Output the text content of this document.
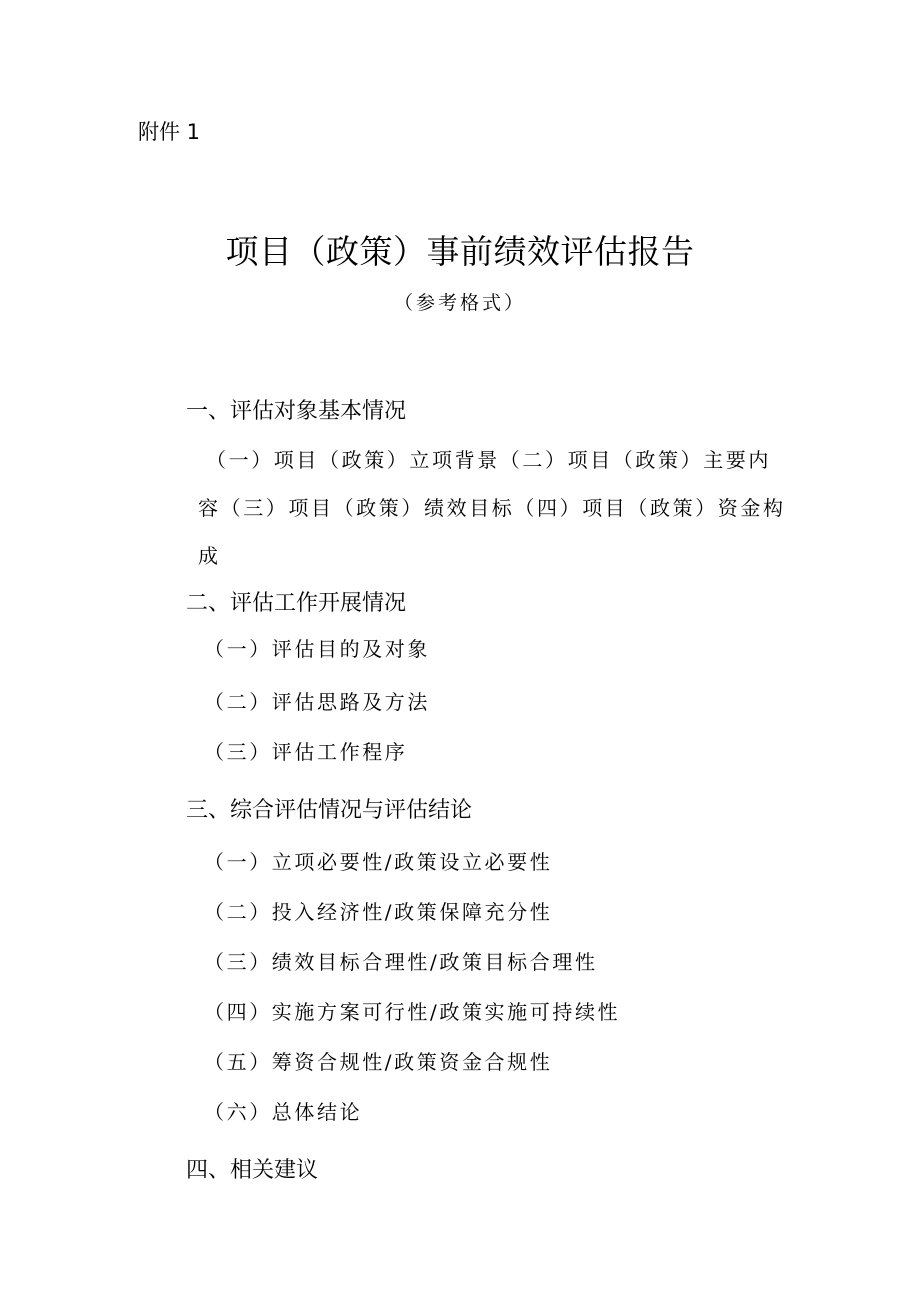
附件 1
项目（政策）事前绩效评估报告
（参考格式）
一、评估对象基本情况
（一）项目（政策）立项背景（二）项目（政策）主要内容（三）项目（政策）绩效目标（四）项目（政策）资金构成
二、评估工作开展情况
（一）评估目的及对象
（二）评估思路及方法
（三）评估工作程序
三、综合评估情况与评估结论
（一）立项必要性/政策设立必要性
（二）投入经济性/政策保障充分性
（三）绩效目标合理性/政策目标合理性
（四）实施方案可行性/政策实施可持续性
（五）筹资合规性/政策资金合规性
（六）总体结论
四、相关建议
